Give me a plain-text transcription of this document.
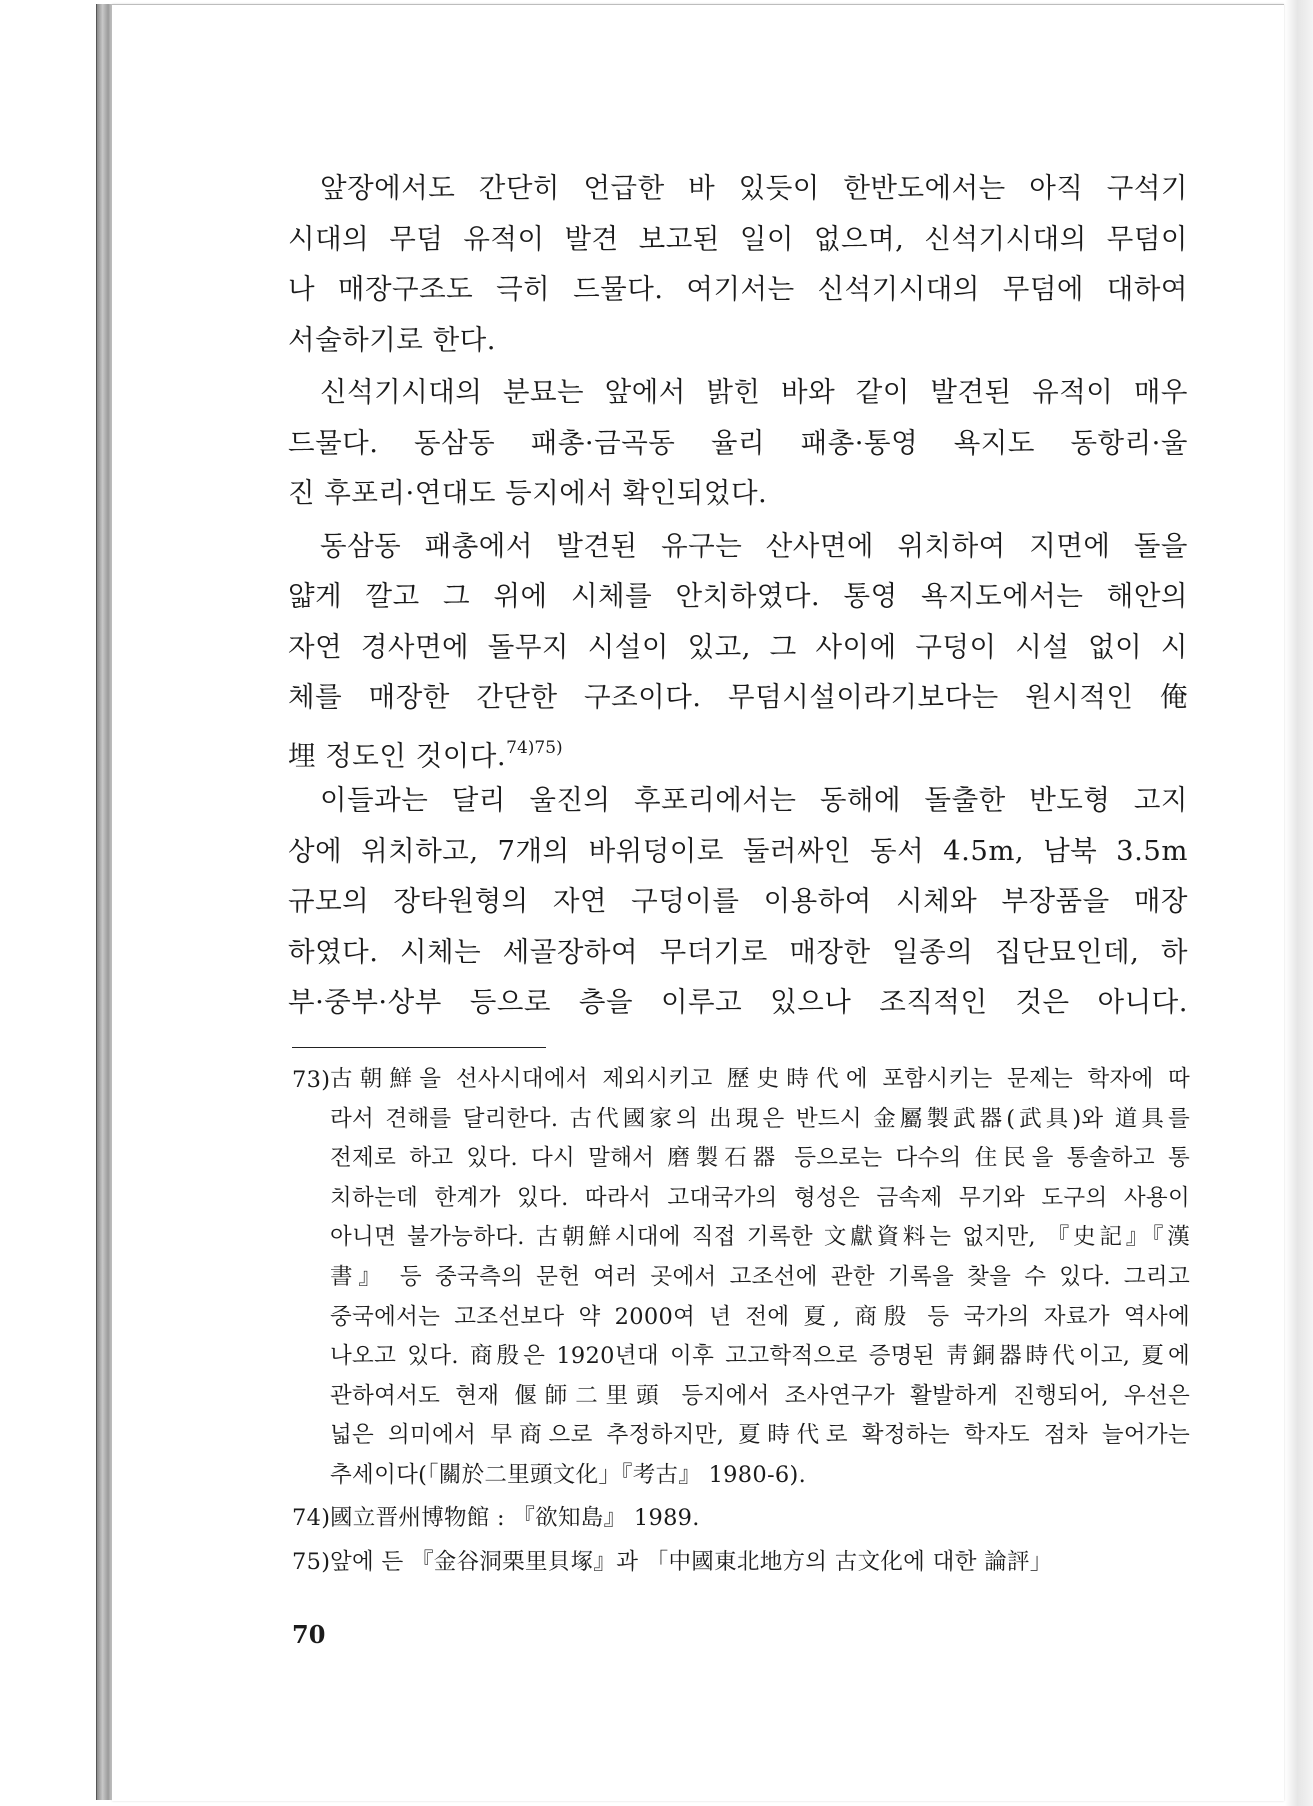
앞장에서도 간단히 언급한 바 있듯이 한반도에서는 아직 구석기
시대의 무덤 유적이 발견 보고된 일이 없으며, 신석기시대의 무덤이
나 매장구조도 극히 드물다. 여기서는 신석기시대의 무덤에 대하여
서술하기로 한다.
신석기시대의 분묘는 앞에서 밝힌 바와 같이 발견된 유적이 매우
드물다. 동삼동 패총·금곡동 율리 패총·통영 욕지도 동항리·울
진 후포리·연대도 등지에서 확인되었다.
동삼동 패총에서 발견된 유구는 산사면에 위치하여 지면에 돌을
얇게 깔고 그 위에 시체를 안치하였다. 통영 욕지도에서는 해안의
자연 경사면에 돌무지 시설이 있고, 그 사이에 구덩이 시설 없이 시
체를 매장한 간단한 구조이다. 무덤시설이라기보다는 원시적인 俺
埋 정도인 것이다.$^{74)75)}$
이들과는 달리 울진의 후포리에서는 동해에 돌출한 반도형 고지
상에 위치하고, 7개의 바위덩이로 둘러싸인 동서 4.5m, 남북 3.5m
규모의 장타원형의 자연 구덩이를 이용하여 시체와 부장품을 매장
하였다. 시체는 세골장하여 무더기로 매장한 일종의 집단묘인데, 하
부·중부·상부 등으로 층을 이루고 있으나 조직적인 것은 아니다.
73) 古朝鮮을 선사시대에서 제외시키고 歷史時代에 포함시키는 문제는 학자에 따
라서 견해를 달리한다. 古代國家의 出現은 반드시 金屬製武器(武具)와 道具를
전제로 하고 있다. 다시 말해서 磨製石器 등으로는 다수의 住民을 통솔하고 통
치하는데 한계가 있다. 따라서 고대국가의 형성은 금속제 무기와 도구의 사용이
아니면 불가능하다. 古朝鮮시대에 직접 기록한 文獻資料는 없지만, 『史記』『漢
書』 등 중국측의 문헌 여러 곳에서 고조선에 관한 기록을 찾을 수 있다. 그리고
중국에서는 고조선보다 약 2000여 년 전에 夏, 商殷 등 국가의 자료가 역사에
나오고 있다. 商殷은 1920년대 이후 고고학적으로 증명된 靑銅器時代이고, 夏에
관하여서도 현재 偃師二里頭 등지에서 조사연구가 활발하게 진행되어, 우선은
넓은 의미에서 早商으로 추정하지만, 夏時代로 확정하는 학자도 점차 늘어가는
추세이다(「關於二里頭文化」『考古』 1980-6).
74) 國立晋州博物館 : 『欲知島』 1989.
75) 앞에 든 『金谷洞栗里貝塚』과 「中國東北地方의 古文化에 대한 論評」
70
